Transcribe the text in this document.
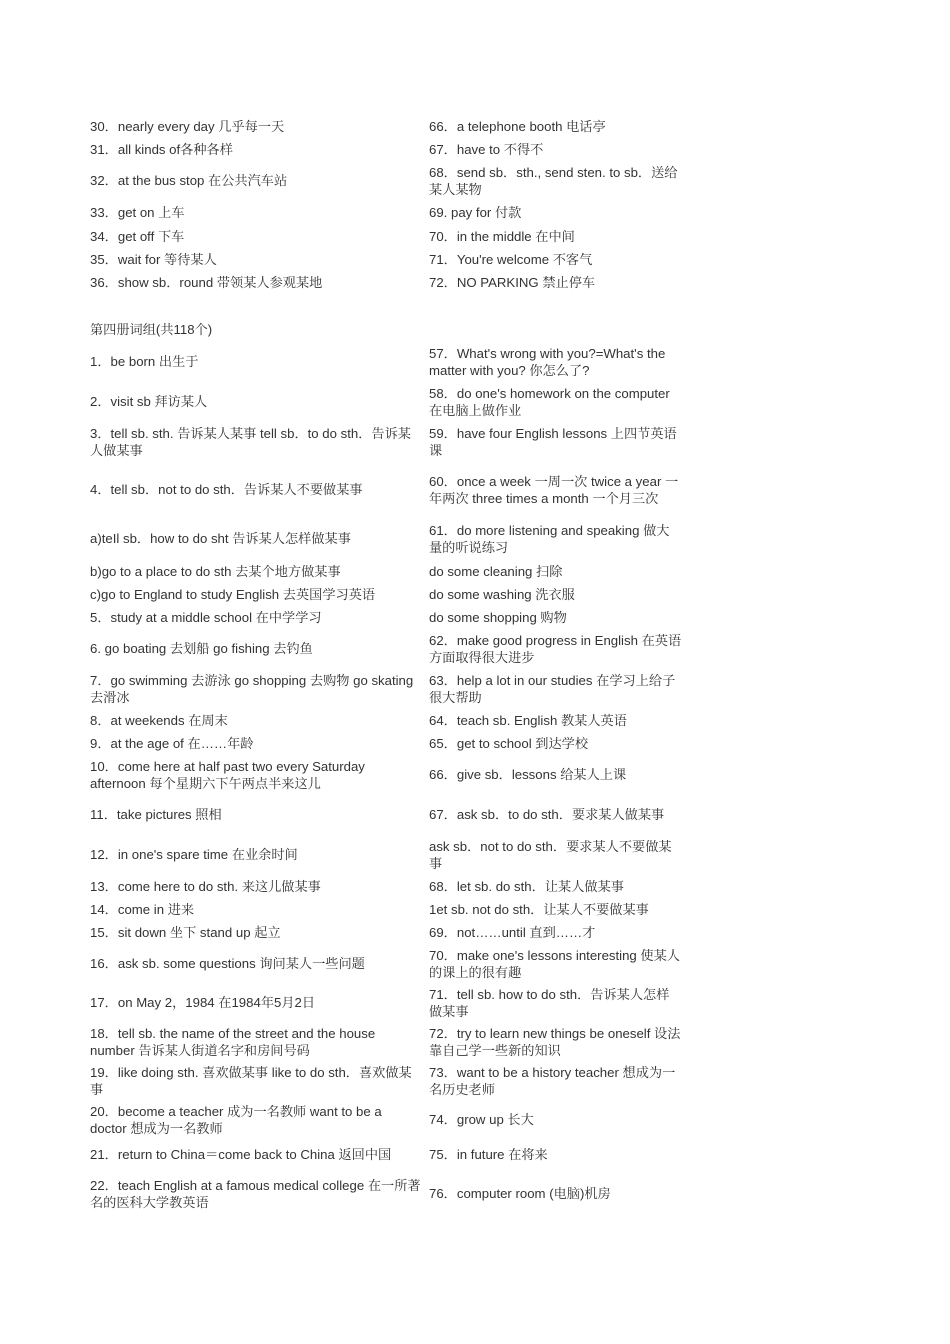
30．nearly every day 几乎每一天	66．a telephone booth 电话亭
31．all kinds of各种各样	67．have to 不得不
32．at the bus stop 在公共汽车站	68．send sb．sth., send sten. to sb．送给某人某物
33．get on 上车	69. pay for 付款
34．get off 下车	70．in the middle 在中间
35．wait for 等待某人	71．You're welcome 不客气
36．show sb．round 带领某人参观某地	72．NO PARKING 禁止停车
第四册词组(共118个)
1．be born 出生于	57．What's wrong with you?=What's the matter with you? 你怎么了?
2．visit sb 拜访某人	58．do one's homework on the computer 在电脑上做作业
3．tell sb. sth. 告诉某人某事 tell sb．to do sth．告诉某人做某事	59．have four English lessons 上四节英语课
4．tell sb．not to do sth．告诉某人不要做某事	60．once a week 一周一次 twice a year 一年两次 three times a month 一个月三次
a)teIl sb．how to do sht 告诉某人怎样做某事	61．do more listening and speaking 做大量的听说练习
b)go to a place to do sth 去某个地方做某事	do some cleaning 扫除
c)go to England to study English 去英国学习英语	do some washing 洗衣服
5．study at a middle school 在中学学习	do some shopping 购物
6. go boating 去划船 go fishing 去钓鱼	62．make good progress in English 在英语方面取得很大进步
7．go swimming 去游泳 go shopping 去购物 go skating 去滑冰	63．help a lot in our studies 在学习上给子很大帮助
8．at weekends 在周末	64．teach sb. English 教某人英语
9．at the age of 在……年龄	65．get to school 到达学校
10．come here at half past two every Saturday afternoon 每个星期六下午两点半来这儿	66．give sb．lessons 给某人上课
11．take pictures 照相	67．ask sb．to do sth．要求某人做某事
12．in one's spare time 在业余时间	ask sb．not to do sth．要求某人不要做某事
13．come here to do sth. 来这儿做某事	68．let sb. do sth．让某人做某事
14．come in 进来	1et sb. not do sth．让某人不要做某事
15．sit down 坐下 stand up 起立	69．not……until 直到……才
16．ask sb. some questions 询问某人一些问题	70．make one's lessons interesting 使某人的课上的很有趣
17．on May 2，1984 在1984年5月2日	71．tell sb. how to do sth．告诉某人怎样做某事
18．tell sb. the name of the street and the house number 告诉某人街道名字和房间号码	72．try to learn new things be oneself 设法靠自己学一些新的知识
19．like doing sth. 喜欢做某事 like to do sth．喜欢做某事	73．want to be a history teacher 想成为一名历史老师
20．become a teacher 成为一名教师 want to be a doctor 想成为一名教师	74．grow up 长大
21．return to China＝come back to China 返回中国	75．in future 在将来
22．teach English at a famous medical college 在一所著名的医科大学教英语	76．computer room (电脑)机房
